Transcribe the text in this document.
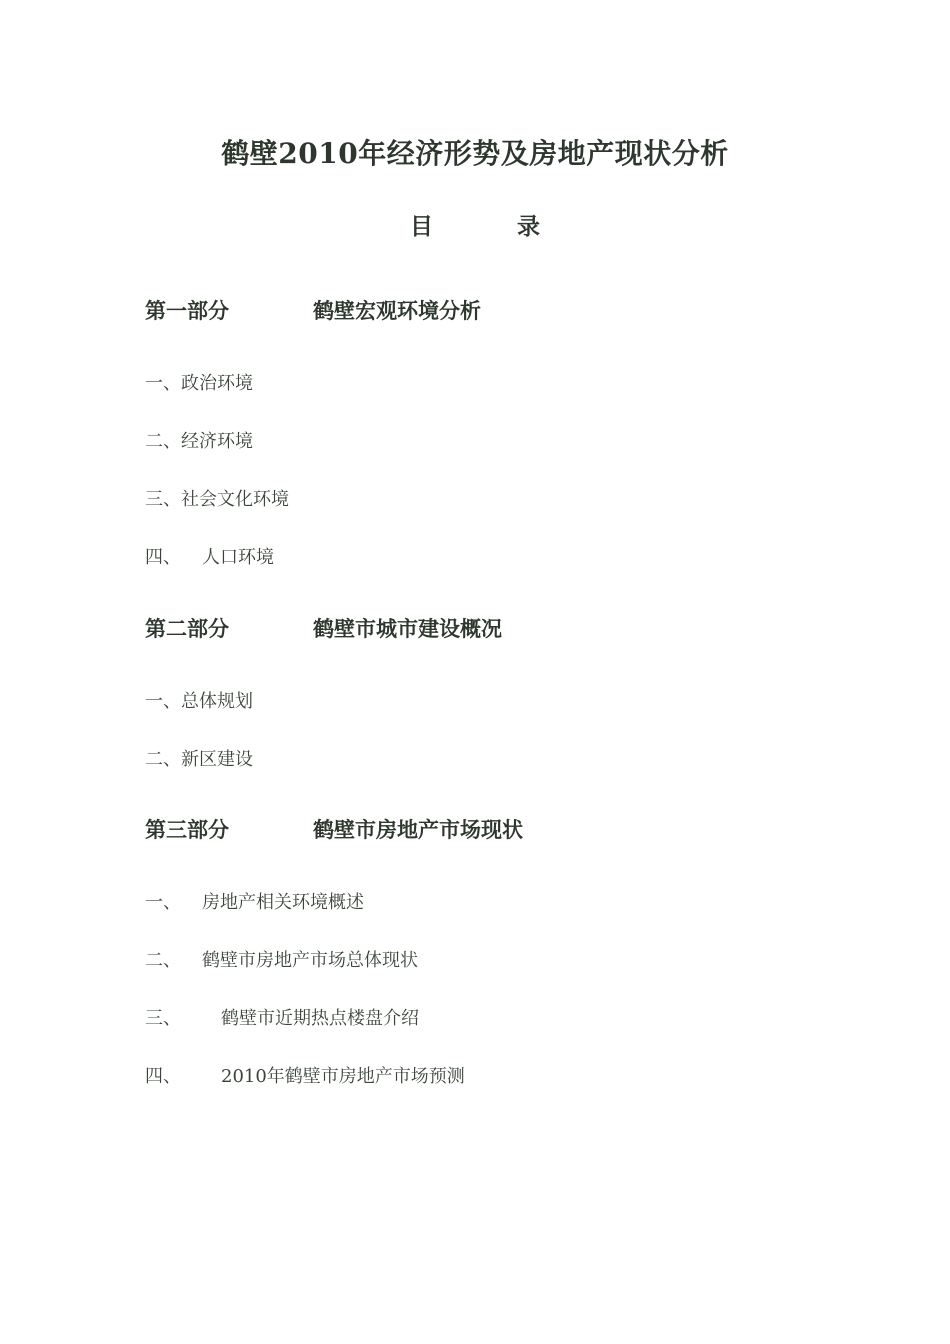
鹤壁2010年经济形势及房地产现状分析
目	录
第一部分	鹤壁宏观环境分析
一、政治环境
二、经济环境
三、社会文化环境
四、 人口环境
第二部分	鹤壁市城市建设概况
一、总体规划
二、新区建设
第三部分	鹤壁市房地产市场现状
一、 房地产相关环境概述
二、 鹤壁市房地产市场总体现状
三、 鹤壁市近期热点楼盘介绍
四、 2010年鹤壁市房地产市场预测
